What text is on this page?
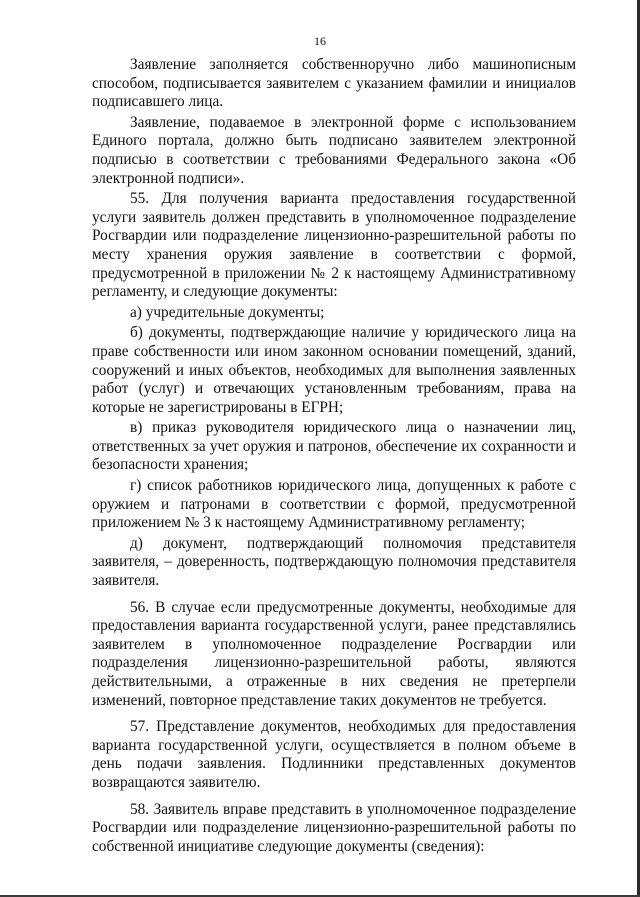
16

Заявление заполняется собственноручно либо машинописным способом, подписывается заявителем с указанием фамилии и инициалов подписавшего лица.

Заявление, подаваемое в электронной форме с использованием Единого портала, должно быть подписано заявителем электронной подписью в соответствии с требованиями Федерального закона «Об электронной подписи».

55. Для получения варианта предоставления государственной услуги заявитель должен представить в уполномоченное подразделение Росгвардии или подразделение лицензионно-разрешительной работы по месту хранения оружия заявление в соответствии с формой, предусмотренной в приложении № 2 к настоящему Административному регламенту, и следующие документы:

а) учредительные документы;

б) документы, подтверждающие наличие у юридического лица на праве собственности или ином законном основании помещений, зданий, сооружений и иных объектов, необходимых для выполнения заявленных работ (услуг) и отвечающих установленным требованиям, права на которые не зарегистрированы в ЕГРН;

в) приказ руководителя юридического лица о назначении лиц, ответственных за учет оружия и патронов, обеспечение их сохранности и безопасности хранения;

г) список работников юридического лица, допущенных к работе с оружием и патронами в соответствии с формой, предусмотренной приложением № 3 к настоящему Административному регламенту;

д) документ, подтверждающий полномочия представителя заявителя, – доверенность, подтверждающую полномочия представителя заявителя.

56. В случае если предусмотренные документы, необходимые для предоставления варианта государственной услуги, ранее представлялись заявителем в уполномоченное подразделение Росгвардии или подразделения лицензионно-разрешительной работы, являются действительными, а отраженные в них сведения не претерпели изменений, повторное представление таких документов не требуется.

57. Представление документов, необходимых для предоставления варианта государственной услуги, осуществляется в полном объеме в день подачи заявления. Подлинники представленных документов возвращаются заявителю.

58. Заявитель вправе представить в уполномоченное подразделение Росгвардии или подразделение лицензионно-разрешительной работы по собственной инициативе следующие документы (сведения):
